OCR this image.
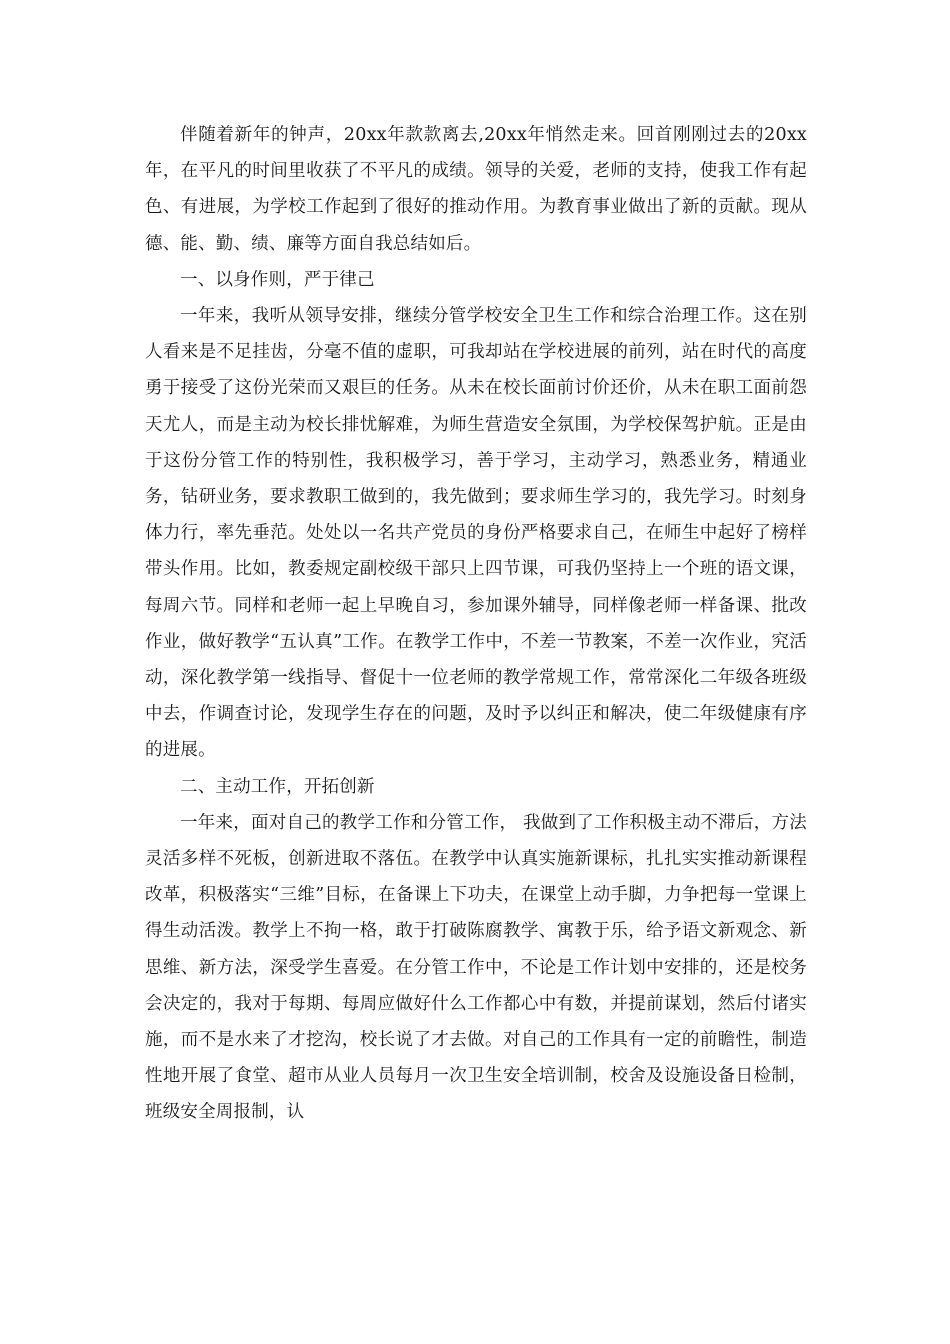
伴随着新年的钟声，20xx年款款离去,20xx年悄然走来。回首刚刚过去的20xx年，在平凡的时间里收获了不平凡的成绩。领导的关爱，老师的支持，使我工作有起色、有进展，为学校工作起到了很好的推动作用。为教育事业做出了新的贡献。现从德、能、勤、绩、廉等方面自我总结如后。

一、以身作则，严于律己

一年来，我听从领导安排，继续分管学校安全卫生工作和综合治理工作。这在别人看来是不足挂齿，分毫不值的虚职，可我却站在学校进展的前列，站在时代的高度勇于接受了这份光荣而又艰巨的任务。从未在校长面前讨价还价，从未在职工面前怨天尤人，而是主动为校长排忧解难，为师生营造安全氛围，为学校保驾护航。正是由于这份分管工作的特别性，我积极学习，善于学习，主动学习，熟悉业务，精通业务，钻研业务，要求教职工做到的，我先做到；要求师生学习的，我先学习。时刻身体力行，率先垂范。处处以一名共产党员的身份严格要求自己，在师生中起好了榜样带头作用。比如，教委规定副校级干部只上四节课，可我仍坚持上一个班的语文课，每周六节。同样和老师一起上早晚自习，参加课外辅导，同样像老师一样备课、批改作业，做好教学“五认真”工作。在教学工作中，不差一节教案，不差一次作业，究活动，深化教学第一线指导、督促十一位老师的教学常规工作，常常深化二年级各班级中去，作调查讨论，发现学生存在的问题，及时予以纠正和解决，使二年级健康有序的进展。

二、主动工作，开拓创新

一年来，面对自己的教学工作和分管工作， 我做到了工作积极主动不滞后，方法灵活多样不死板，创新进取不落伍。在教学中认真实施新课标，扎扎实实推动新课程改革，积极落实“三维”目标，在备课上下功夫，在课堂上动手脚，力争把每一堂课上得生动活泼。教学上不拘一格，敢于打破陈腐教学、寓教于乐，给予语文新观念、新思维、新方法，深受学生喜爱。在分管工作中，不论是工作计划中安排的，还是校务会决定的，我对于每期、每周应做好什么工作都心中有数，并提前谋划，然后付诸实施，而不是水来了才挖沟，校长说了才去做。对自己的工作具有一定的前瞻性，制造性地开展了食堂、超市从业人员每月一次卫生安全培训制，校舍及设施设备日检制，班级安全周报制，认
